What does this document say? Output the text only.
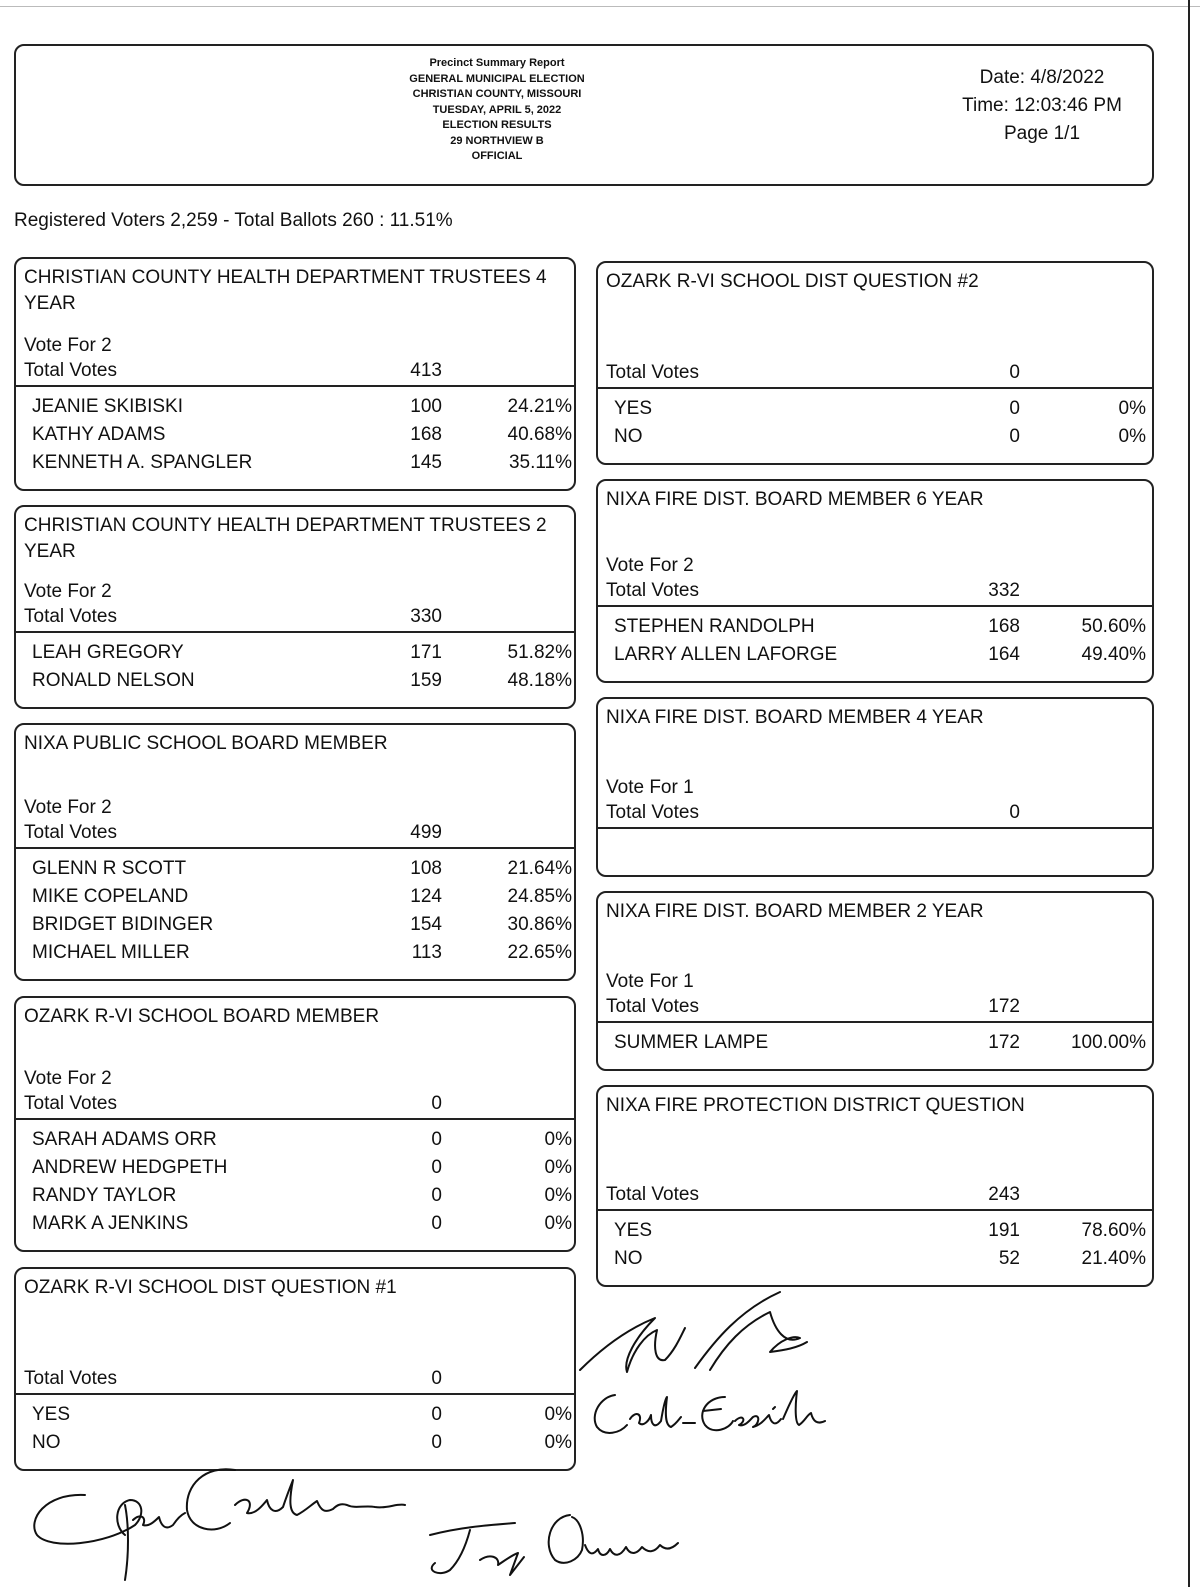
Precinct Summary Report
GENERAL MUNICIPAL ELECTION
CHRISTIAN COUNTY, MISSOURI
TUESDAY, APRIL 5, 2022
ELECTION RESULTS
29 NORTHVIEW B
OFFICIAL
Date: 4/8/2022
Time: 12:03:46 PM
Page 1/1
Registered Voters 2,259 - Total Ballots 260 : 11.51%
CHRISTIAN COUNTY HEALTH DEPARTMENT TRUSTEES 4 YEAR
Vote For 2
Total Votes	413
JEANIE SKIBISKI	100	24.21%
KATHY ADAMS	168	40.68%
KENNETH A. SPANGLER	145	35.11%
CHRISTIAN COUNTY HEALTH DEPARTMENT TRUSTEES 2 YEAR
Vote For 2
Total Votes	330
LEAH GREGORY	171	51.82%
RONALD NELSON	159	48.18%
NIXA PUBLIC SCHOOL BOARD MEMBER
Vote For 2
Total Votes	499
GLENN R SCOTT	108	21.64%
MIKE COPELAND	124	24.85%
BRIDGET BIDINGER	154	30.86%
MICHAEL MILLER	113	22.65%
OZARK R-VI SCHOOL BOARD MEMBER
Vote For 2
Total Votes	0
SARAH ADAMS ORR	0	0%
ANDREW HEDGPETH	0	0%
RANDY TAYLOR	0	0%
MARK A JENKINS	0	0%
OZARK R-VI SCHOOL DIST QUESTION #1
Total Votes	0
YES	0	0%
NO	0	0%
OZARK R-VI SCHOOL DIST QUESTION #2
Total Votes	0
YES	0	0%
NO	0	0%
NIXA FIRE DIST. BOARD MEMBER 6 YEAR
Vote For 2
Total Votes	332
STEPHEN RANDOLPH	168	50.60%
LARRY ALLEN LAFORGE	164	49.40%
NIXA FIRE DIST. BOARD MEMBER 4 YEAR
Vote For 1
Total Votes	0
NIXA FIRE DIST. BOARD MEMBER 2 YEAR
Vote For 1
Total Votes	172
SUMMER LAMPE	172	100.00%
NIXA FIRE PROTECTION DISTRICT QUESTION
Total Votes	243
YES	191	78.60%
NO	52	21.40%
